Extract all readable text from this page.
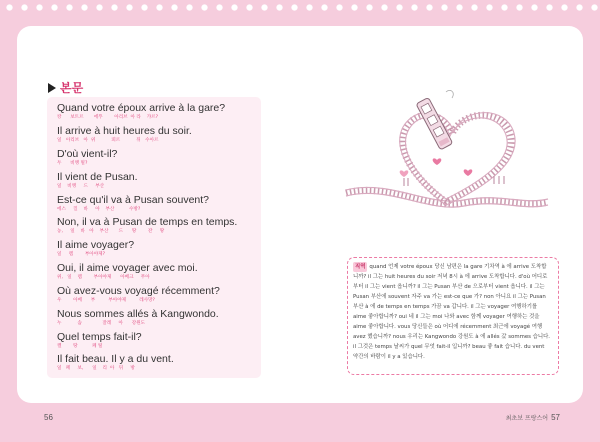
본문
Quand votre époux arrive à la gare?
캉      보트르       에푸        아리브  아 라    갸르?
Il arrive à huit heures du soir.
일   아리브   아  위           뙤르           뒤   수아르
D'où vient-il?
두      비앵 띨?
Il vient de Pusan.
일    비앵     드     부산
Est-ce qu'il va à Pusan souvent?
에스     낄    바     아    부산          수방?
Non, il va à Pusan de temps en temps.
농,     일    바   아    부산       드      땅        잔     땅
Il aime voyager?
일     렘        부아야제?
Oui, il aime voyager avec moi.
위,   일    렘        부아야제      아베크     무아
Où avez-vous voyagé récemment?
우        아베      부         부아야제         레사망?
Nous sommes allés à Kangwondo.
누           솜              잘레     아      강원도
Quel temps fait-il?
껠        땅          페 띨
Il fait beau. Il y a du vent.
일   페     보,      일    리  아   뒤     방
직역 quand 언제 votre époux 당신 남편은 la gare 기차역 à 에 arrive 도착합니까? il 그는 huit heures du soir 저녁 8시 à 에 arrive 도착합니다. d'où 어디로부터 il 그는 vient 옵니까? il 그는 Pusan 부산 de 으로부터 vient 옵니다. il 그는 Pusan 부산에 souvent 자주 va 가는 est-ce que 가? non 아니요 il 그는 Pusan 부산 à 에 de temps en temps 가끔 va 갑니다. il 그는 voyager 여행하기를 aime 좋아합니까? oui 네 il 그는 moi 나와 avec 함께 voyager 여행하는 것을 aime 좋아합니다. vous 당신들은 où 어디에 récemment 최근에 voyagé 여행 avez 했습니까? nous 우리는 Kangwondo 강원도 à 에 allés 갔 sommes 습니다. il 그것은 temps 날씨가 quel 무엇 fait-il 입니까? beau 좋 fait 습니다. du vent 약간의 바람이 il y a 있습니다.
56	최초보 프랑스어 57
